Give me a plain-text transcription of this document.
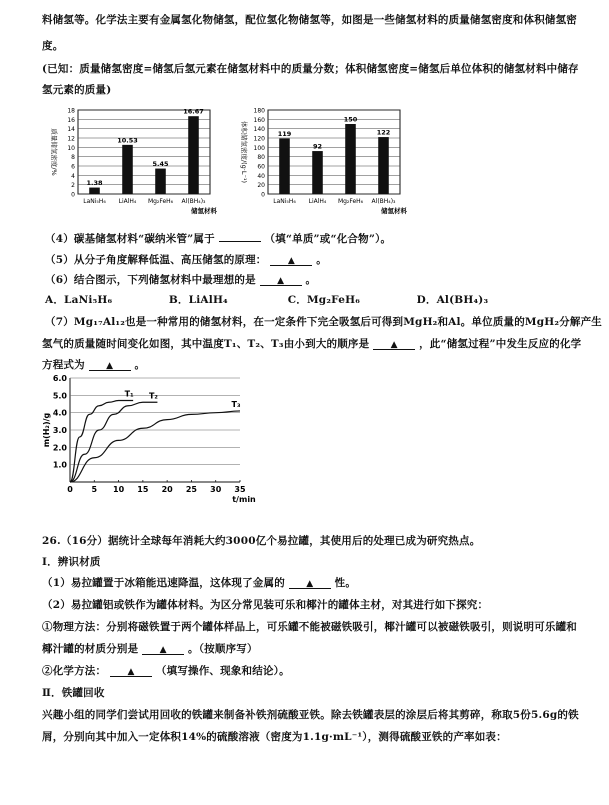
料储氢等。化学法主要有金属氢化物储氢，配位氢化物储氢等，如图是一些储氢材料的质量储氢密度和体积储氢密
度。
(已知：质量储氢密度=储氢后氢元素在储氢材料中的质量分数；体积储氢密度=储氢后单位体积的储氢材料中储存
氢元素的质量)
0
2
4
6
8
10
12
14
16
18
1.38
LaNi₅H₆
10.53
LiAlH₄
5.45
Mg₂FeH₆
16.67
Al(BH₄)₃
储氢材料
质量储氢密度/%
0
20
40
60
80
100
120
140
160
180
119
LaNi₅H₆
92
LiAlH₄
150
Mg₂FeH₆
122
Al(BH₄)₃
储氢材料
体积储氢密度/(g·L⁻¹)
（4）碳基储氢材料“碳纳米管”属于	（填“单质”或“化合物”）。
（5）从分子角度解释低温、高压储氢的原理： ▲ 。
（6）结合图示，下列储氢材料中最理想的是 ▲ 。
A．LaNi₅H₆	B．LiAlH₄	C．Mg₂FeH₆	D．Al(BH₄)₃
（7）Mg₁₇Al₁₂也是一种常用的储氢材料，在一定条件下完全吸氢后可得到MgH₂和Al。单位质量的MgH₂分解产生
氢气的质量随时间变化如图，其中温度T₁、T₂、T₃由小到大的顺序是 ▲ ，此“储氢过程”中发生反应的化学
方程式为 ▲ 。
1.0
2.0
3.0
4.0
5.0
6.0
0 5 10 15 20 25 30 35
t/min
m(H₂)/g
T₁ T₂
T₃
26.（16分）据统计全球每年消耗大约3000亿个易拉罐，其使用后的处理已成为研究热点。
Ⅰ．辨识材质
（1）易拉罐置于冰箱能迅速降温，这体现了金属的 ▲ 性。
（2）易拉罐铝或铁作为罐体材料。为区分常见装可乐和椰汁的罐体主材，对其进行如下探究：
①物理方法：分别将磁铁置于两个罐体样品上，可乐罐不能被磁铁吸引，椰汁罐可以被磁铁吸引，则说明可乐罐和
椰汁罐的材质分别是 ▲ 。（按顺序写）
②化学方法： ▲ （填写操作、现象和结论）。
Ⅱ．铁罐回收
兴趣小组的同学们尝试用回收的铁罐来制备补铁剂硫酸亚铁。除去铁罐表层的涂层后将其剪碎，称取5份5.6g的铁
屑，分别向其中加入一定体积14%的硫酸溶液（密度为1.1g·mL⁻¹），测得硫酸亚铁的产率如表：
